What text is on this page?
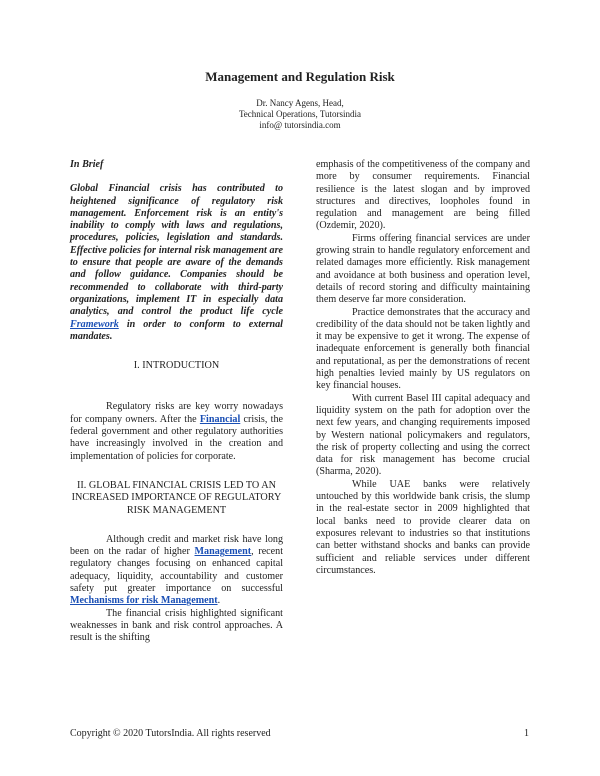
Management and Regulation Risk
Dr. Nancy Agens, Head,
Technical Operations, Tutorsindia
info@ tutorsindia.com

In Brief

Global Financial crisis has contributed to heightened significance of regulatory risk management. Enforcement risk is an entity's inability to comply with laws and regulations, procedures, policies, legislation and standards. Effective policies for internal risk management are to ensure that people are aware of the demands and follow guidance. Companies should be recommended to collaborate with third-party organizations, implement IT in especially data analytics, and control the product life cycle Framework in order to conform to external mandates.

I. INTRODUCTION

Regulatory risks are key worry nowadays for company owners. After the Financial crisis, the federal government and other regulatory authorities have increasingly involved in the creation and implementation of policies for corporate.

II. GLOBAL FINANCIAL CRISIS LED TO AN INCREASED IMPORTANCE OF REGULATORY RISK MANAGEMENT

Although credit and market risk have long been on the radar of higher Management, recent regulatory changes focusing on enhanced capital adequacy, liquidity, accountability and customer safety put greater importance on successful Mechanisms for risk Management.

The financial crisis highlighted significant weaknesses in bank and risk control approaches. A result is the shifting

emphasis of the competitiveness of the company and more by consumer requirements. Financial resilience is the latest slogan and by improved structures and directives, loopholes found in regulation and management are being filled (Ozdemir, 2020).

Firms offering financial services are under growing strain to handle regulatory enforcement and related damages more efficiently. Risk management and avoidance at both business and operation level, details of record storing and difficulty maintaining them deserve far more consideration.

Practice demonstrates that the accuracy and credibility of the data should not be taken lightly and it may be expensive to get it wrong. The expense of inadequate enforcement is generally both financial and reputational, as per the demonstrations of recent high penalties levied mainly by US regulators on key financial houses.

With current Basel III capital adequacy and liquidity system on the path for adoption over the next few years, and changing requirements imposed by Western national policymakers and regulators, the risk of property collecting and using the correct data for risk management has become crucial (Sharma, 2020).

While UAE banks were relatively untouched by this worldwide bank crisis, the slump in the real-estate sector in 2009 highlighted that local banks need to provide clearer data on exposures relevant to industries so that institutions can better withstand shocks and banks can provide sufficient and reliable services under different circumstances.

Copyright © 2020 TutorsIndia. All rights reserved	1
